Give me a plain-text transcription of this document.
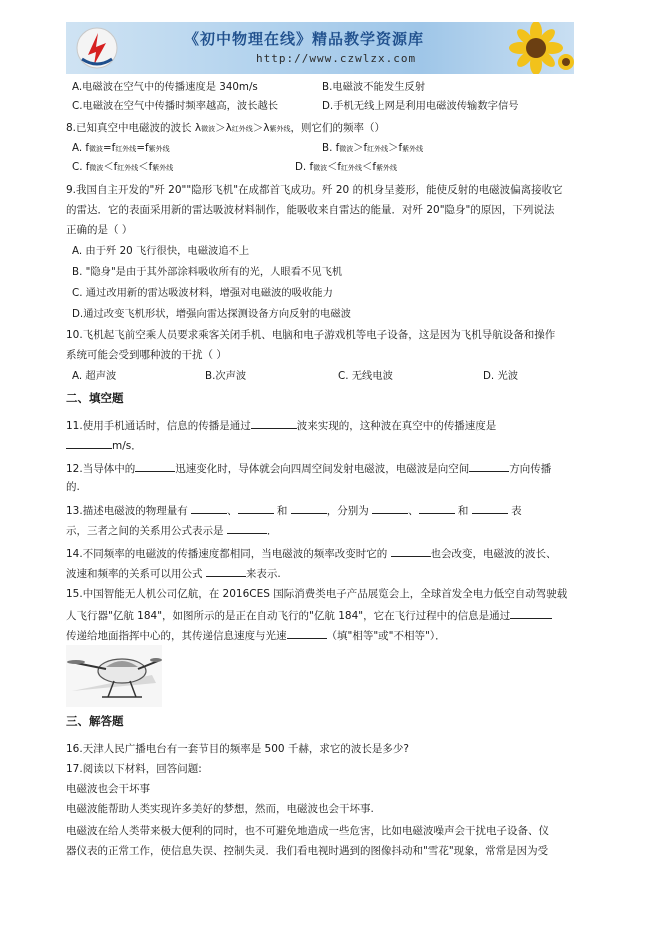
《初中物理在线》精品教学资源库
http://www.czwlzx.com
A.电磁波在空气中的传播速度是 340m/s	B.电磁波不能发生反射
C.电磁波在空气中传播时频率越高，波长越长	D.手机无线上网是利用电磁波传输数字信号
8.已知真空中电磁波的波长 λ微波＞λ红外线＞λ紫外线，则它们的频率（）
A. f微波=f红外线=f紫外线	B. f微波＞f红外线＞f紫外线
C. f微波＜f红外线＜f紫外线	D. f微波＜f红外线＜f紫外线
9.我国自主开发的"歼 20""隐形飞机"在成都首飞成功。歼 20 的机身呈菱形，能使反射的电磁波偏离接收它
的雷达．它的表面采用新的雷达吸波材料制作，能吸收来自雷达的能量．对歼 20"隐身"的原因，下列说法
正确的是（ ）
A. 由于歼 20 飞行很快，电磁波追不上
B. "隐身"是由于其外部涂料吸收所有的光，人眼看不见飞机
C. 通过改用新的雷达吸波材料，增强对电磁波的吸收能力
D.通过改变飞机形状，增强向雷达探测设备方向反射的电磁波
10.飞机起飞前空乘人员要求乘客关闭手机、电脑和电子游戏机等电子设备，这是因为飞机导航设备和操作
系统可能会受到哪种波的干扰（ ）
A. 超声波	B.次声波	C. 无线电波	D. 光波
二、填空题
11.使用手机通话时，信息的传播是通过	波来实现的，这种波在真空中的传播速度是
m/s．
12.当导体中的	迅速变化时，导体就会向四周空间发射电磁波，电磁波是向空间	方向传播
的.
13.描述电磁波的物理量有	、	和	，分别为	、	和	表
示，三者之间的关系用公式表示是	．
14.不同频率的电磁波的传播速度都相同，当电磁波的频率改变时它的	也会改变，电磁波的波长、
波速和频率的关系可以用公式	来表示.
15.中国智能无人机公司亿航，在 2016CES 国际消费类电子产品展览会上，全球首发全电力低空自动驾驶载
人飞行器"亿航 184"，如图所示的是正在自动飞行的"亿航 184"，它在飞行过程中的信息是通过
传递给地面指挥中心的，其传递信息速度与光速	（填"相等"或"不相等"）．
三、解答题
16.天津人民广播电台有一套节目的频率是 500 千赫，求它的波长是多少?
17.阅读以下材料，回答问题:
电磁波也会干坏事
电磁波能帮助人类实现许多美好的梦想，然而，电磁波也会干坏事.
电磁波在给人类带来极大便利的同时，也不可避免地造成一些危害，比如电磁波噪声会干扰电子设备、仪
器仪表的正常工作，使信息失误、控制失灵．我们看电视时遇到的图像抖动和"雪花"现象，常常是因为受
